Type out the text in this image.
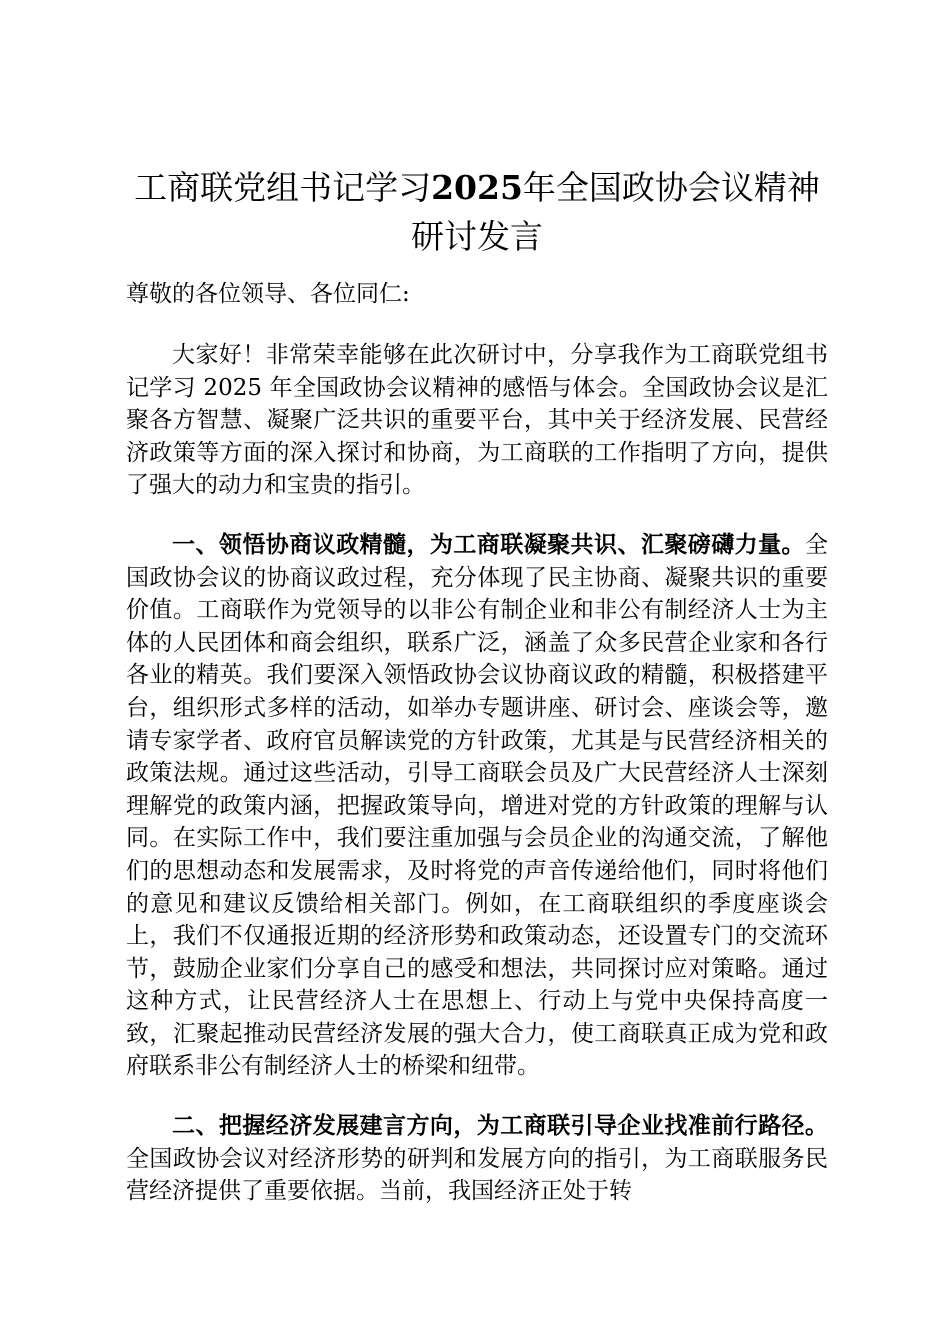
工商联党组书记学习2025年全国政协会议精神研讨发言

尊敬的各位领导、各位同仁:

大家好！非常荣幸能够在此次研讨中，分享我作为工商联党组书记学习 2025 年全国政协会议精神的感悟与体会。全国政协会议是汇聚各方智慧、凝聚广泛共识的重要平台，其中关于经济发展、民营经济政策等方面的深入探讨和协商，为工商联的工作指明了方向，提供了强大的动力和宝贵的指引。

一、领悟协商议政精髓，为工商联凝聚共识、汇聚磅礴力量。全国政协会议的协商议政过程，充分体现了民主协商、凝聚共识的重要价值。工商联作为党领导的以非公有制企业和非公有制经济人士为主体的人民团体和商会组织，联系广泛，涵盖了众多民营企业家和各行各业的精英。我们要深入领悟政协会议协商议政的精髓，积极搭建平台，组织形式多样的活动，如举办专题讲座、研讨会、座谈会等，邀请专家学者、政府官员解读党的方针政策，尤其是与民营经济相关的政策法规。通过这些活动，引导工商联会员及广大民营经济人士深刻理解党的政策内涵，把握政策导向，增进对党的方针政策的理解与认同。在实际工作中，我们要注重加强与会员企业的沟通交流，了解他们的思想动态和发展需求，及时将党的声音传递给他们，同时将他们的意见和建议反馈给相关部门。例如，在工商联组织的季度座谈会上，我们不仅通报近期的经济形势和政策动态，还设置专门的交流环节，鼓励企业家们分享自己的感受和想法，共同探讨应对策略。通过这种方式，让民营经济人士在思想上、行动上与党中央保持高度一致，汇聚起推动民营经济发展的强大合力，使工商联真正成为党和政府联系非公有制经济人士的桥梁和纽带。

二、把握经济发展建言方向，为工商联引导企业找准前行路径。全国政协会议对经济形势的研判和发展方向的指引，为工商联服务民营经济提供了重要依据。当前，我国经济正处于转
